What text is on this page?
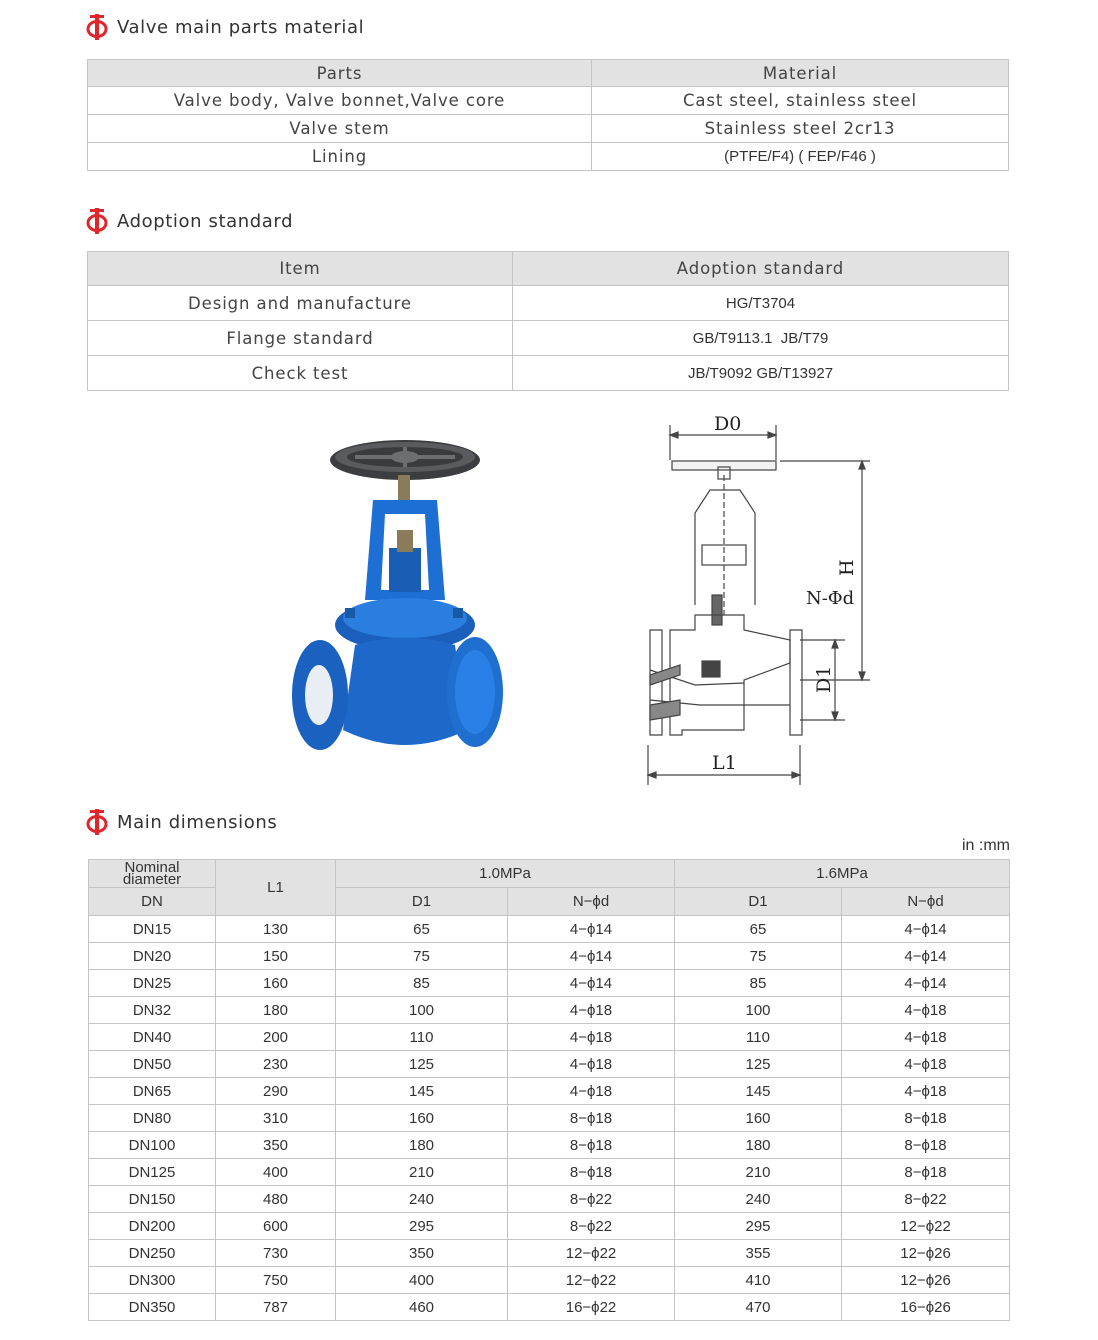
Valve main parts material
Parts	Material
Valve body, Valve bonnet,Valve core	Cast steel, stainless steel
Valve stem	Stainless steel 2cr13
Lining	(PTFE/F4) ( FEP/F46 )
Adoption standard
Item	Adoption standard
Design and manufacture	HG/T3704
Flange standard	GB/T9113.1  JB/T79
Check test	JB/T9092 GB/T13927
D0
H
N-Φd
D1
L1
Main dimensions
in :mm
Nominal
diameter	L1	1.0MPa		1.6MPa	
DN		D1	N−ϕd	D1	N−ϕd
DN15	130	65	4−ϕ14	65	4−ϕ14
DN20	150	75	4−ϕ14	75	4−ϕ14
DN25	160	85	4−ϕ14	85	4−ϕ14
DN32	180	100	4−ϕ18	100	4−ϕ18
DN40	200	110	4−ϕ18	110	4−ϕ18
DN50	230	125	4−ϕ18	125	4−ϕ18
DN65	290	145	4−ϕ18	145	4−ϕ18
DN80	310	160	8−ϕ18	160	8−ϕ18
DN100	350	180	8−ϕ18	180	8−ϕ18
DN125	400	210	8−ϕ18	210	8−ϕ18
DN150	480	240	8−ϕ22	240	8−ϕ22
DN200	600	295	8−ϕ22	295	12−ϕ22
DN250	730	350	12−ϕ22	355	12−ϕ26
DN300	750	400	12−ϕ22	410	12−ϕ26
DN350	787	460	16−ϕ22	470	16−ϕ26
